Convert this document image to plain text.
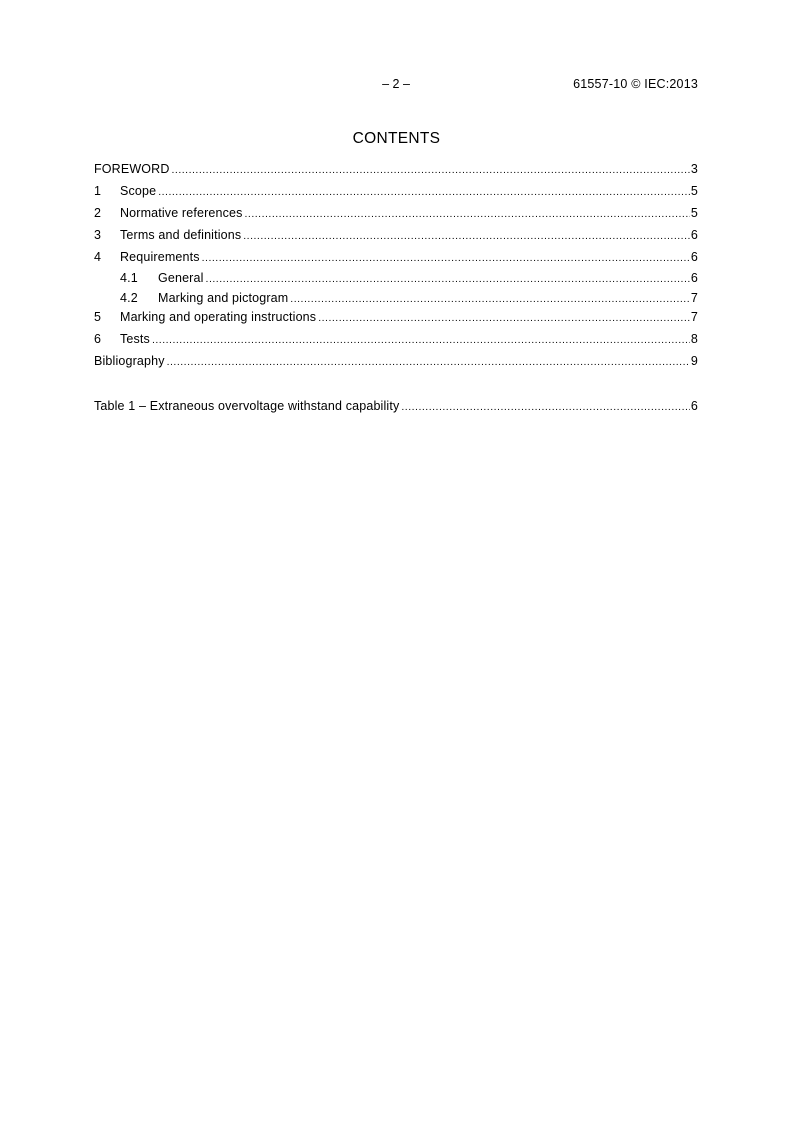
– 2 –	61557-10 © IEC:2013
CONTENTS
FOREWORD .....	3
1	Scope .....	5
2	Normative references .....	5
3	Terms and definitions .....	6
4	Requirements .....	6
4.1	General .....	6
4.2	Marking and pictogram .....	7
5	Marking and operating instructions .....	7
6	Tests .....	8
Bibliography .....	9
Table 1 – Extraneous overvoltage withstand capability .....	6
